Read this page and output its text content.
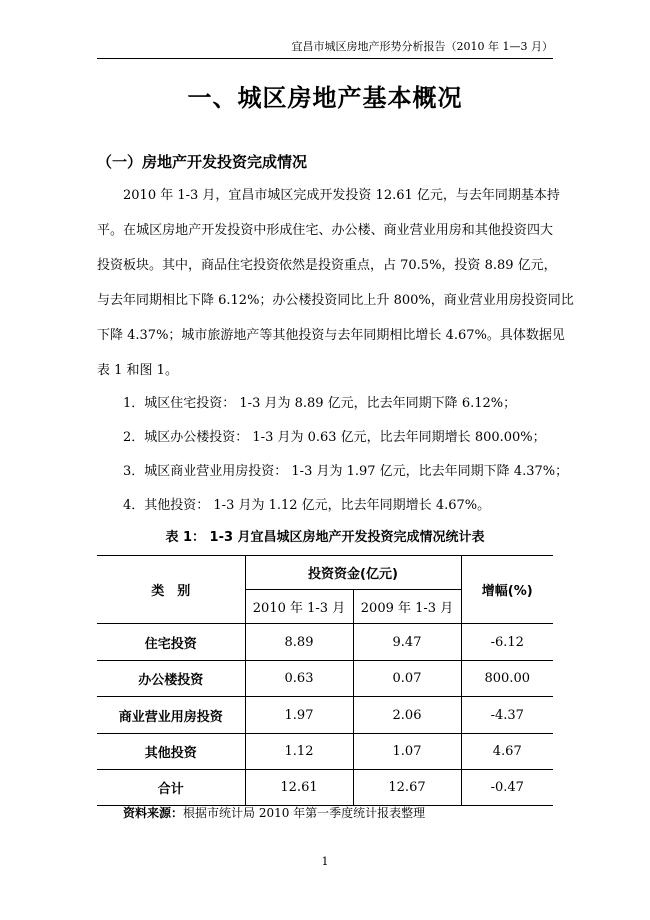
宜昌市城区房地产形势分析报告（2010 年 1—3 月）
一、城区房地产基本概况
（一）房地产开发投资完成情况
2010 年 1-3 月，宜昌市城区完成开发投资 12.61 亿元，与去年同期基本持
平。在城区房地产开发投资中形成住宅、办公楼、商业营业用房和其他投资四大
投资板块。其中，商品住宅投资依然是投资重点，占 70.5%，投资 8.89 亿元，
与去年同期相比下降 6.12%；办公楼投资同比上升 800%，商业营业用房投资同比
下降 4.37%；城市旅游地产等其他投资与去年同期相比增长 4.67%。具体数据见
表 1 和图 1。
1．城区住宅投资： 1-3 月为 8.89 亿元，比去年同期下降 6.12%；
2．城区办公楼投资： 1-3 月为 0.63 亿元，比去年同期增长 800.00%；
3．城区商业营业用房投资： 1-3 月为 1.97 亿元，比去年同期下降 4.37%；
4．其他投资： 1-3 月为 1.12 亿元，比去年同期增长 4.67%。
表 1： 1-3 月宜昌城区房地产开发投资完成情况统计表
类　别	投资资金(亿元)		增幅(%)
	2010 年 1-3 月	2009 年 1-3 月	
住宅投资	8.89	9.47	-6.12
办公楼投资	0.63	0.07	800.00
商业营业用房投资	1.97	2.06	-4.37
其他投资	1.12	1.07	4.67
合计	12.61	12.67	-0.47
资料来源：根据市统计局 2010 年第一季度统计报表整理
1
